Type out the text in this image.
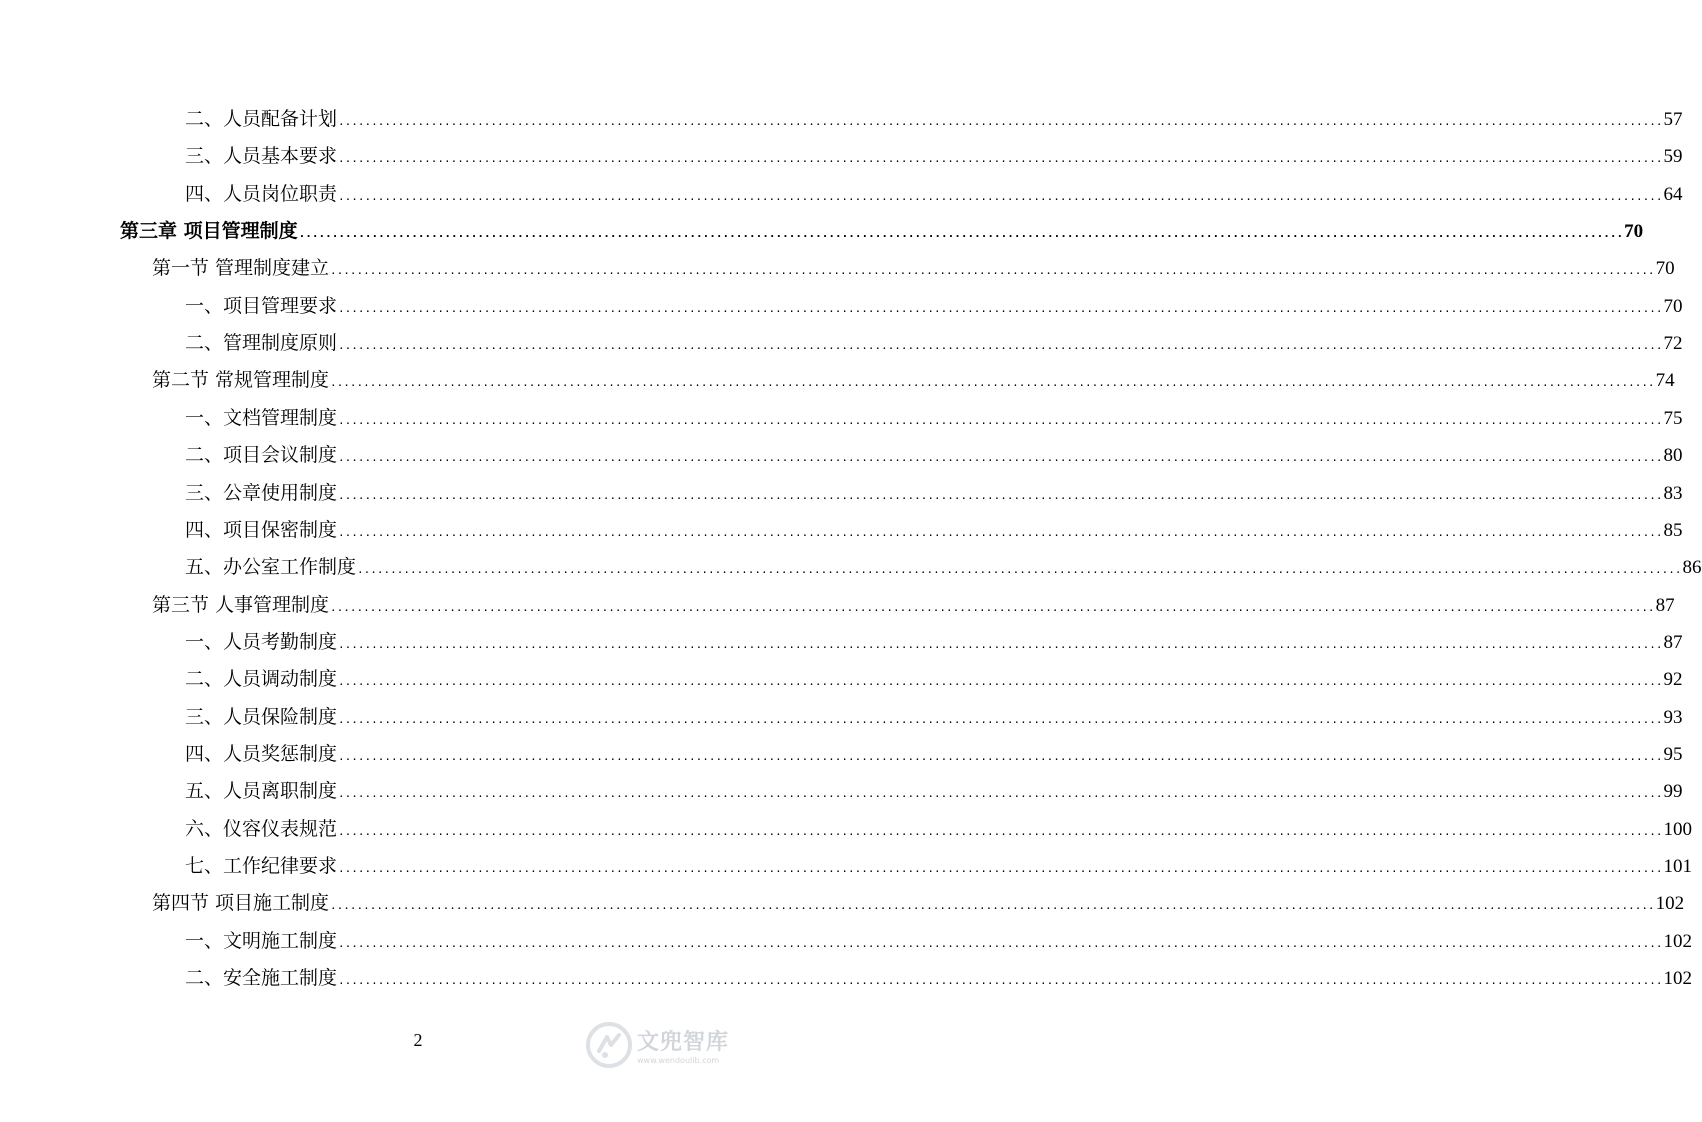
二、人员配备计划 ........................................................................................................................................................................................................ 57
三、人员基本要求 ........................................................................................................................................................................................................ 59
四、人员岗位职责 ........................................................................................................................................................................................................ 64
第三章 项目管理制度 ........................................................................................................................................................................................................ 70
第一节 管理制度建立 ........................................................................................................................................................................................................ 70
一、项目管理要求 ........................................................................................................................................................................................................ 70
二、管理制度原则 ........................................................................................................................................................................................................ 72
第二节 常规管理制度 ........................................................................................................................................................................................................ 74
一、文档管理制度 ........................................................................................................................................................................................................ 75
二、项目会议制度 ........................................................................................................................................................................................................ 80
三、公章使用制度 ........................................................................................................................................................................................................ 83
四、项目保密制度 ........................................................................................................................................................................................................ 85
五、办公室工作制度 ........................................................................................................................................................................................................ 86
第三节 人事管理制度 ........................................................................................................................................................................................................ 87
一、人员考勤制度 ........................................................................................................................................................................................................ 87
二、人员调动制度 ........................................................................................................................................................................................................ 92
三、人员保险制度 ........................................................................................................................................................................................................ 93
四、人员奖惩制度 ........................................................................................................................................................................................................ 95
五、人员离职制度 ........................................................................................................................................................................................................ 99
六、仪容仪表规范 ........................................................................................................................................................................................................ 100
七、工作纪律要求 ........................................................................................................................................................................................................ 101
第四节 项目施工制度 ........................................................................................................................................................................................................ 102
一、文明施工制度 ........................................................................................................................................................................................................ 102
二、安全施工制度 ........................................................................................................................................................................................................ 102
2	文兜智库
www.wendoulib.com
